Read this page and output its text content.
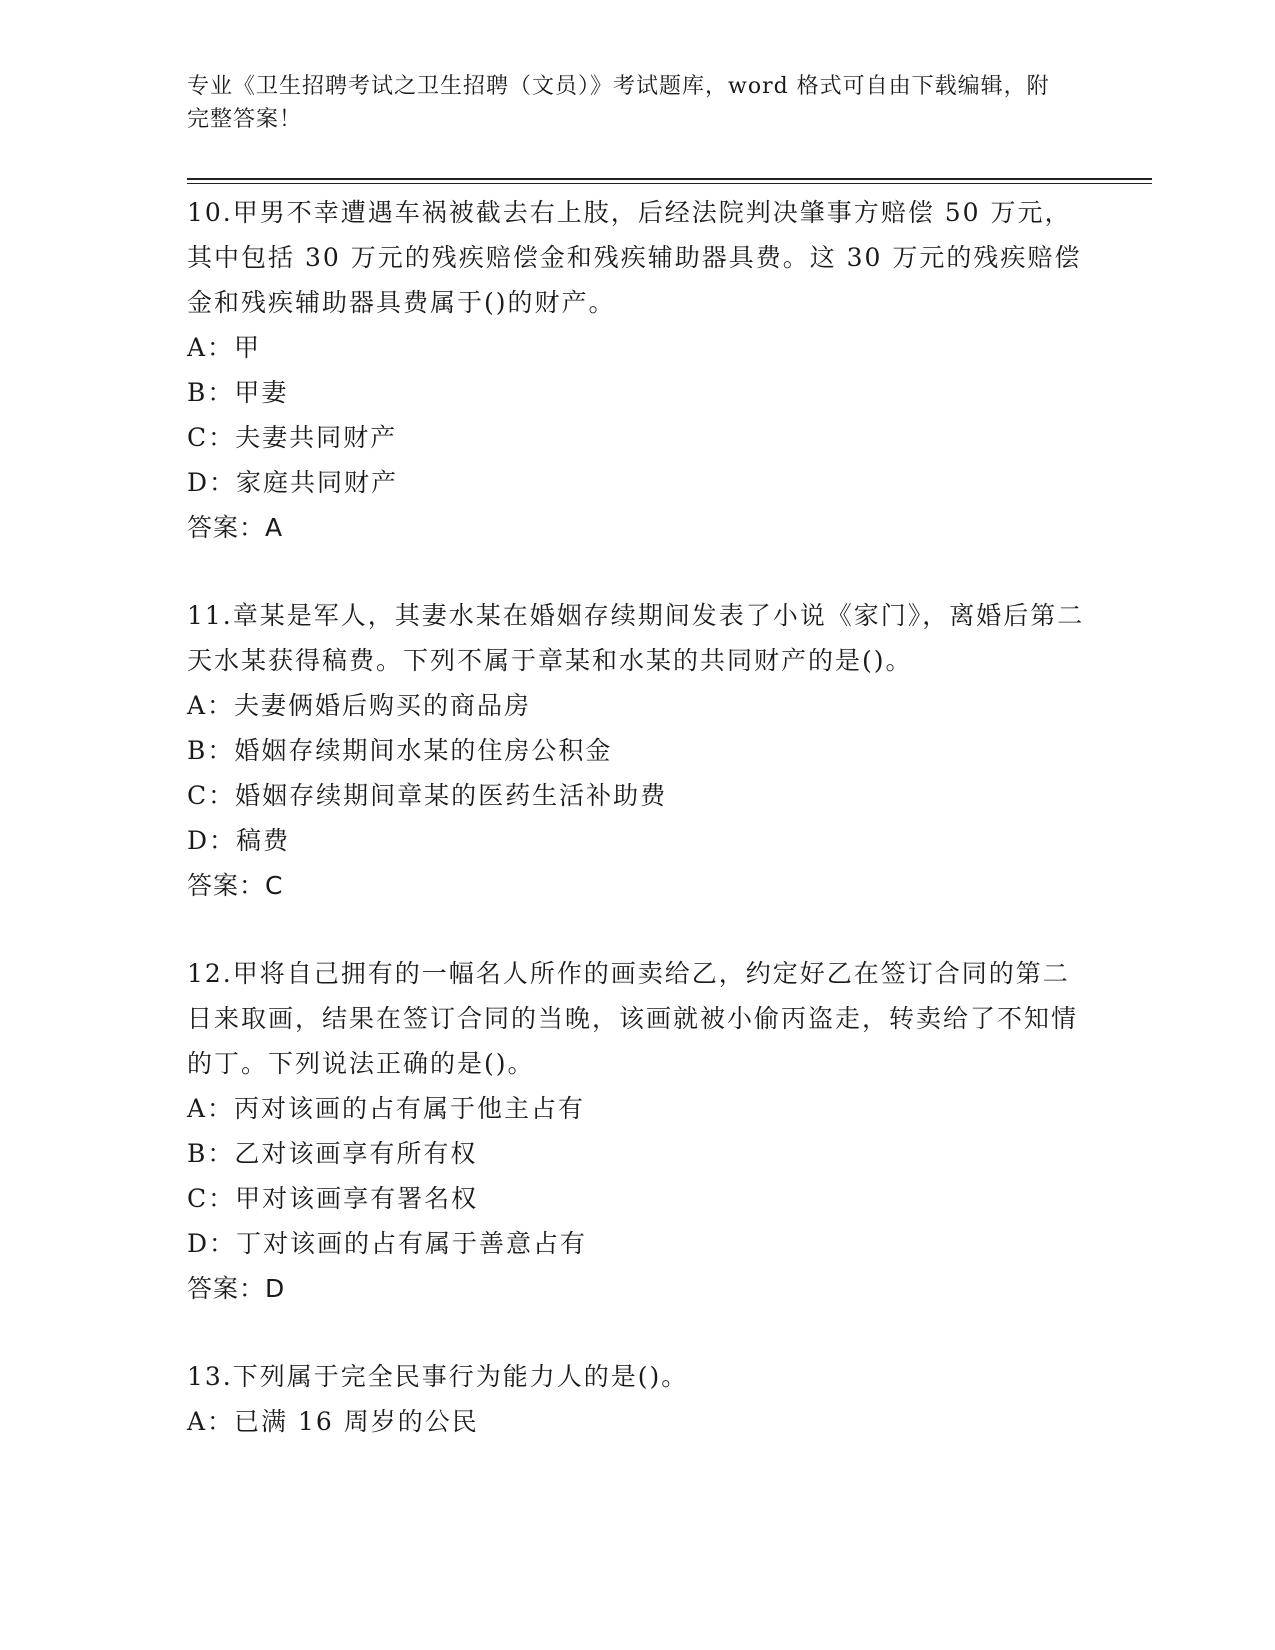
专业《卫生招聘考试之卫生招聘（文员）》考试题库，word 格式可自由下载编辑，附完整答案！
10.甲男不幸遭遇车祸被截去右上肢，后经法院判决肇事方赔偿 50 万元，其中包括 30 万元的残疾赔偿金和残疾辅助器具费。这 30 万元的残疾赔偿金和残疾辅助器具费属于()的财产。
A：甲
B：甲妻
C：夫妻共同财产
D：家庭共同财产
答案：A
11.章某是军人，其妻水某在婚姻存续期间发表了小说《家门》，离婚后第二天水某获得稿费。下列不属于章某和水某的共同财产的是()。
A：夫妻俩婚后购买的商品房
B：婚姻存续期间水某的住房公积金
C：婚姻存续期间章某的医药生活补助费
D：稿费
答案：C
12.甲将自己拥有的一幅名人所作的画卖给乙，约定好乙在签订合同的第二日来取画，结果在签订合同的当晚，该画就被小偷丙盗走，转卖给了不知情的丁。下列说法正确的是()。
A：丙对该画的占有属于他主占有
B：乙对该画享有所有权
C：甲对该画享有署名权
D：丁对该画的占有属于善意占有
答案：D
13.下列属于完全民事行为能力人的是()。
A：已满 16 周岁的公民
